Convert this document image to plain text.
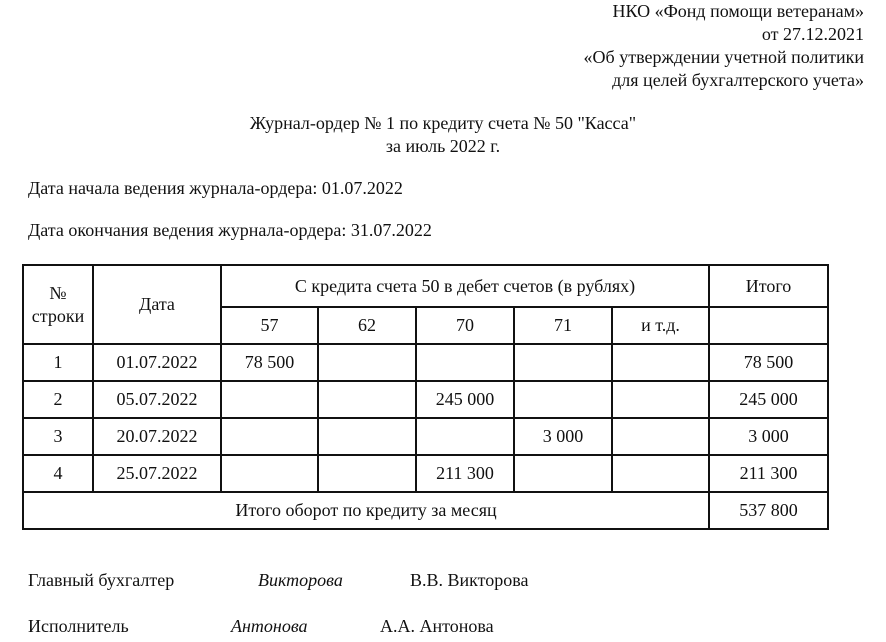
НКО «Фонд помощи ветеранам»
от 27.12.2021
«Об утверждении учетной политики
для целей бухгалтерского учета»
Журнал-ордер № 1 по кредиту счета № 50 "Касса"
за июль 2022 г.
Дата начала ведения журнала-ордера: 01.07.2022
Дата окончания ведения журнала-ордера: 31.07.2022
№ строки	Дата	С кредита счета 50 в дебет счетов (в рублях)					Итого
		57	62	70	71	и т.д.	
1	01.07.2022	78 500					78 500
2	05.07.2022			245 000			245 000
3	20.07.2022				3 000		3 000
4	25.07.2022			211 300			211 300
Итого оборот по кредиту за месяц							537 800
Главный бухгалтер	Викторова	В.В. Викторова
Исполнитель	Антонова	А.А. Антонова
